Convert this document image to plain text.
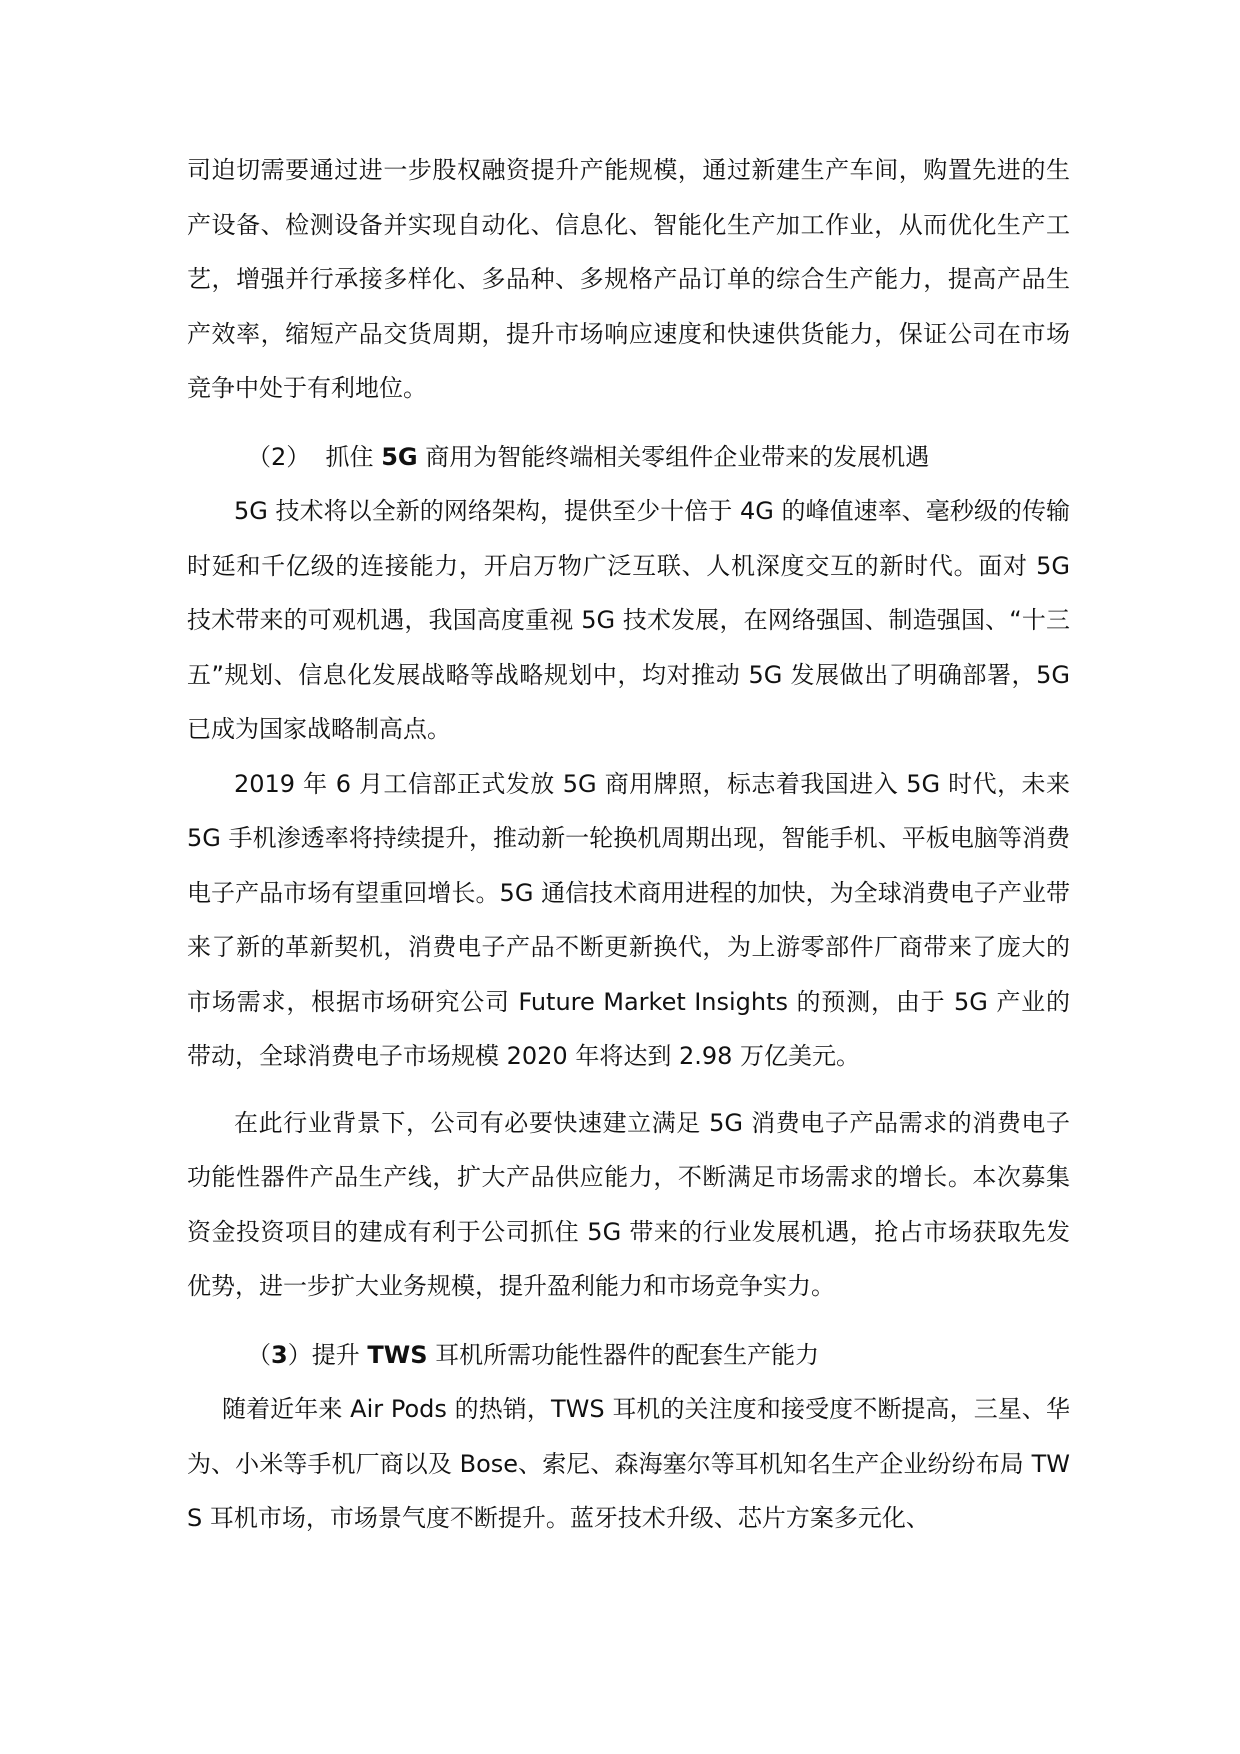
司迫切需要通过进一步股权融资提升产能规模，通过新建生产车间，购置先进的生产设备、检测设备并实现自动化、信息化、智能化生产加工作业，从而优化生产工艺，增强并行承接多样化、多品种、多规格产品订单的综合生产能力，提高产品生产效率，缩短产品交货周期，提升市场响应速度和快速供货能力，保证公司在市场竞争中处于有利地位。

（2） 抓住 5G 商用为智能终端相关零组件企业带来的发展机遇

5G 技术将以全新的网络架构，提供至少十倍于 4G 的峰值速率、毫秒级的传输时延和千亿级的连接能力，开启万物广泛互联、人机深度交互的新时代。面对 5G 技术带来的可观机遇，我国高度重视 5G 技术发展，在网络强国、制造强国、“十三五”规划、信息化发展战略等战略规划中，均对推动 5G 发展做出了明确部署，5G 已成为国家战略制高点。

2019 年 6 月工信部正式发放 5G 商用牌照，标志着我国进入 5G 时代，未来 5G 手机渗透率将持续提升，推动新一轮换机周期出现，智能手机、平板电脑等消费电子产品市场有望重回增长。5G 通信技术商用进程的加快，为全球消费电子产业带来了新的革新契机，消费电子产品不断更新换代，为上游零部件厂商带来了庞大的市场需求，根据市场研究公司 Future Market Insights 的预测，由于 5G 产业的带动，全球消费电子市场规模 2020 年将达到 2.98 万亿美元。

在此行业背景下，公司有必要快速建立满足 5G 消费电子产品需求的消费电子功能性器件产品生产线，扩大产品供应能力，不断满足市场需求的增长。本次募集资金投资项目的建成有利于公司抓住 5G 带来的行业发展机遇，抢占市场获取先发优势，进一步扩大业务规模，提升盈利能力和市场竞争实力。

（3）提升 TWS 耳机所需功能性器件的配套生产能力

随着近年来 Air Pods 的热销，TWS 耳机的关注度和接受度不断提高，三星、华为、小米等手机厂商以及 Bose、索尼、森海塞尔等耳机知名生产企业纷纷布局 TWS 耳机市场，市场景气度不断提升。蓝牙技术升级、芯片方案多元化、
